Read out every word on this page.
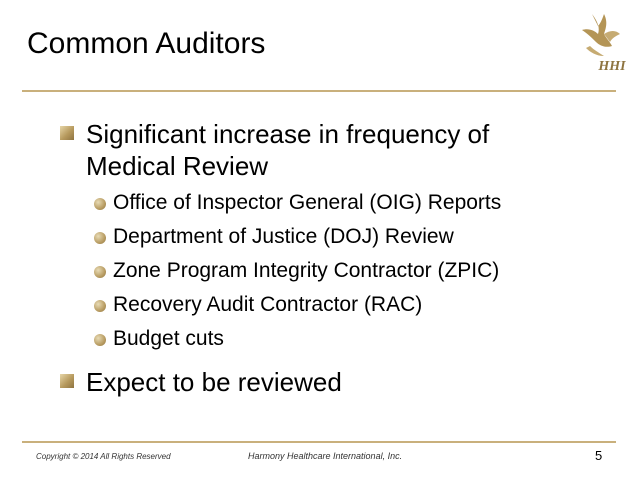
HHI
Common Auditors
Significant increase in frequency of Medical Review
Office of Inspector General (OIG) Reports
Department of Justice (DOJ) Review
Zone Program Integrity Contractor (ZPIC)
Recovery Audit Contractor (RAC)
Budget cuts
Expect to be reviewed
Copyright © 2014 All Rights Reserved	Harmony Healthcare International, Inc.	5
